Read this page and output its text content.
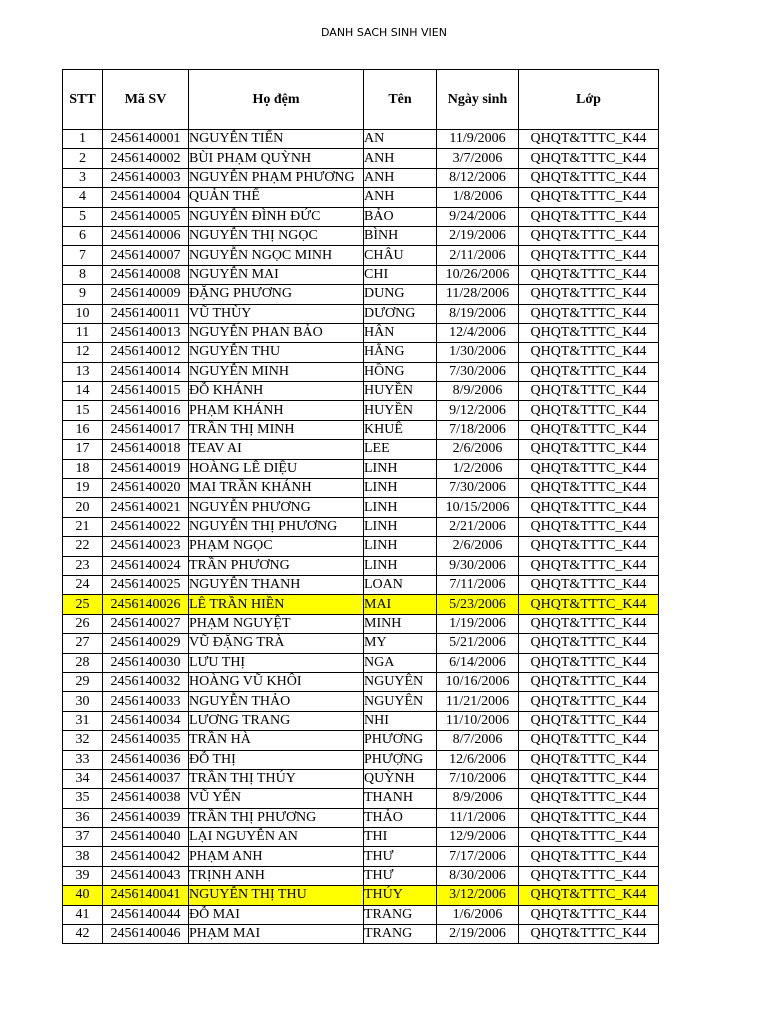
DANH SACH SINH VIEN
STT	Mã SV	Họ đệm	Tên	Ngày sinh	Lớp
1	2456140001	NGUYỄN TIẾN	AN	11/9/2006	QHQT&TTTC_K44
2	2456140002	BÙI PHẠM QUỲNH	ANH	3/7/2006	QHQT&TTTC_K44
3	2456140003	NGUYỄN PHẠM PHƯƠNG	ANH	8/12/2006	QHQT&TTTC_K44
4	2456140004	QUẢN THẾ	ANH	1/8/2006	QHQT&TTTC_K44
5	2456140005	NGUYỄN ĐÌNH ĐỨC	BẢO	9/24/2006	QHQT&TTTC_K44
6	2456140006	NGUYỄN THỊ NGỌC	BÌNH	2/19/2006	QHQT&TTTC_K44
7	2456140007	NGUYỄN NGỌC MINH	CHÂU	2/11/2006	QHQT&TTTC_K44
8	2456140008	NGUYỄN MAI	CHI	10/26/2006	QHQT&TTTC_K44
9	2456140009	ĐẶNG PHƯƠNG	DUNG	11/28/2006	QHQT&TTTC_K44
10	2456140011	VŨ THÙY	DƯƠNG	8/19/2006	QHQT&TTTC_K44
11	2456140013	NGUYỄN PHAN BẢO	HÂN	12/4/2006	QHQT&TTTC_K44
12	2456140012	NGUYỄN THU	HẰNG	1/30/2006	QHQT&TTTC_K44
13	2456140014	NGUYỄN MINH	HỒNG	7/30/2006	QHQT&TTTC_K44
14	2456140015	ĐỖ KHÁNH	HUYỀN	8/9/2006	QHQT&TTTC_K44
15	2456140016	PHẠM KHÁNH	HUYỀN	9/12/2006	QHQT&TTTC_K44
16	2456140017	TRẦN THỊ MINH	KHUÊ	7/18/2006	QHQT&TTTC_K44
17	2456140018	TEAV AI	LEE	2/6/2006	QHQT&TTTC_K44
18	2456140019	HOÀNG LÊ DIỆU	LINH	1/2/2006	QHQT&TTTC_K44
19	2456140020	MAI TRẦN KHÁNH	LINH	7/30/2006	QHQT&TTTC_K44
20	2456140021	NGUYỄN PHƯƠNG	LINH	10/15/2006	QHQT&TTTC_K44
21	2456140022	NGUYỄN THỊ PHƯƠNG	LINH	2/21/2006	QHQT&TTTC_K44
22	2456140023	PHẠM NGỌC	LINH	2/6/2006	QHQT&TTTC_K44
23	2456140024	TRẦN PHƯƠNG	LINH	9/30/2006	QHQT&TTTC_K44
24	2456140025	NGUYỄN THANH	LOAN	7/11/2006	QHQT&TTTC_K44
25	2456140026	LÊ TRẦN HIỀN	MAI	5/23/2006	QHQT&TTTC_K44
26	2456140027	PHẠM NGUYỆT	MINH	1/19/2006	QHQT&TTTC_K44
27	2456140029	VŨ ĐẶNG TRÀ	MY	5/21/2006	QHQT&TTTC_K44
28	2456140030	LƯU THỊ	NGA	6/14/2006	QHQT&TTTC_K44
29	2456140032	HOÀNG VŨ KHÔI	NGUYÊN	10/16/2006	QHQT&TTTC_K44
30	2456140033	NGUYỄN THẢO	NGUYÊN	11/21/2006	QHQT&TTTC_K44
31	2456140034	LƯƠNG TRANG	NHI	11/10/2006	QHQT&TTTC_K44
32	2456140035	TRẦN HÀ	PHƯƠNG	8/7/2006	QHQT&TTTC_K44
33	2456140036	ĐỖ THỊ	PHƯỢNG	12/6/2006	QHQT&TTTC_K44
34	2456140037	TRẦN THỊ THÚY	QUỲNH	7/10/2006	QHQT&TTTC_K44
35	2456140038	VŨ YẾN	THANH	8/9/2006	QHQT&TTTC_K44
36	2456140039	TRẦN THỊ PHƯƠNG	THẢO	11/1/2006	QHQT&TTTC_K44
37	2456140040	LẠI NGUYỄN AN	THI	12/9/2006	QHQT&TTTC_K44
38	2456140042	PHẠM ANH	THƯ	7/17/2006	QHQT&TTTC_K44
39	2456140043	TRỊNH ANH	THƯ	8/30/2006	QHQT&TTTC_K44
40	2456140041	NGUYỄN THỊ THU	THÚY	3/12/2006	QHQT&TTTC_K44
41	2456140044	ĐỖ MAI	TRANG	1/6/2006	QHQT&TTTC_K44
42	2456140046	PHẠM MAI	TRANG	2/19/2006	QHQT&TTTC_K44
